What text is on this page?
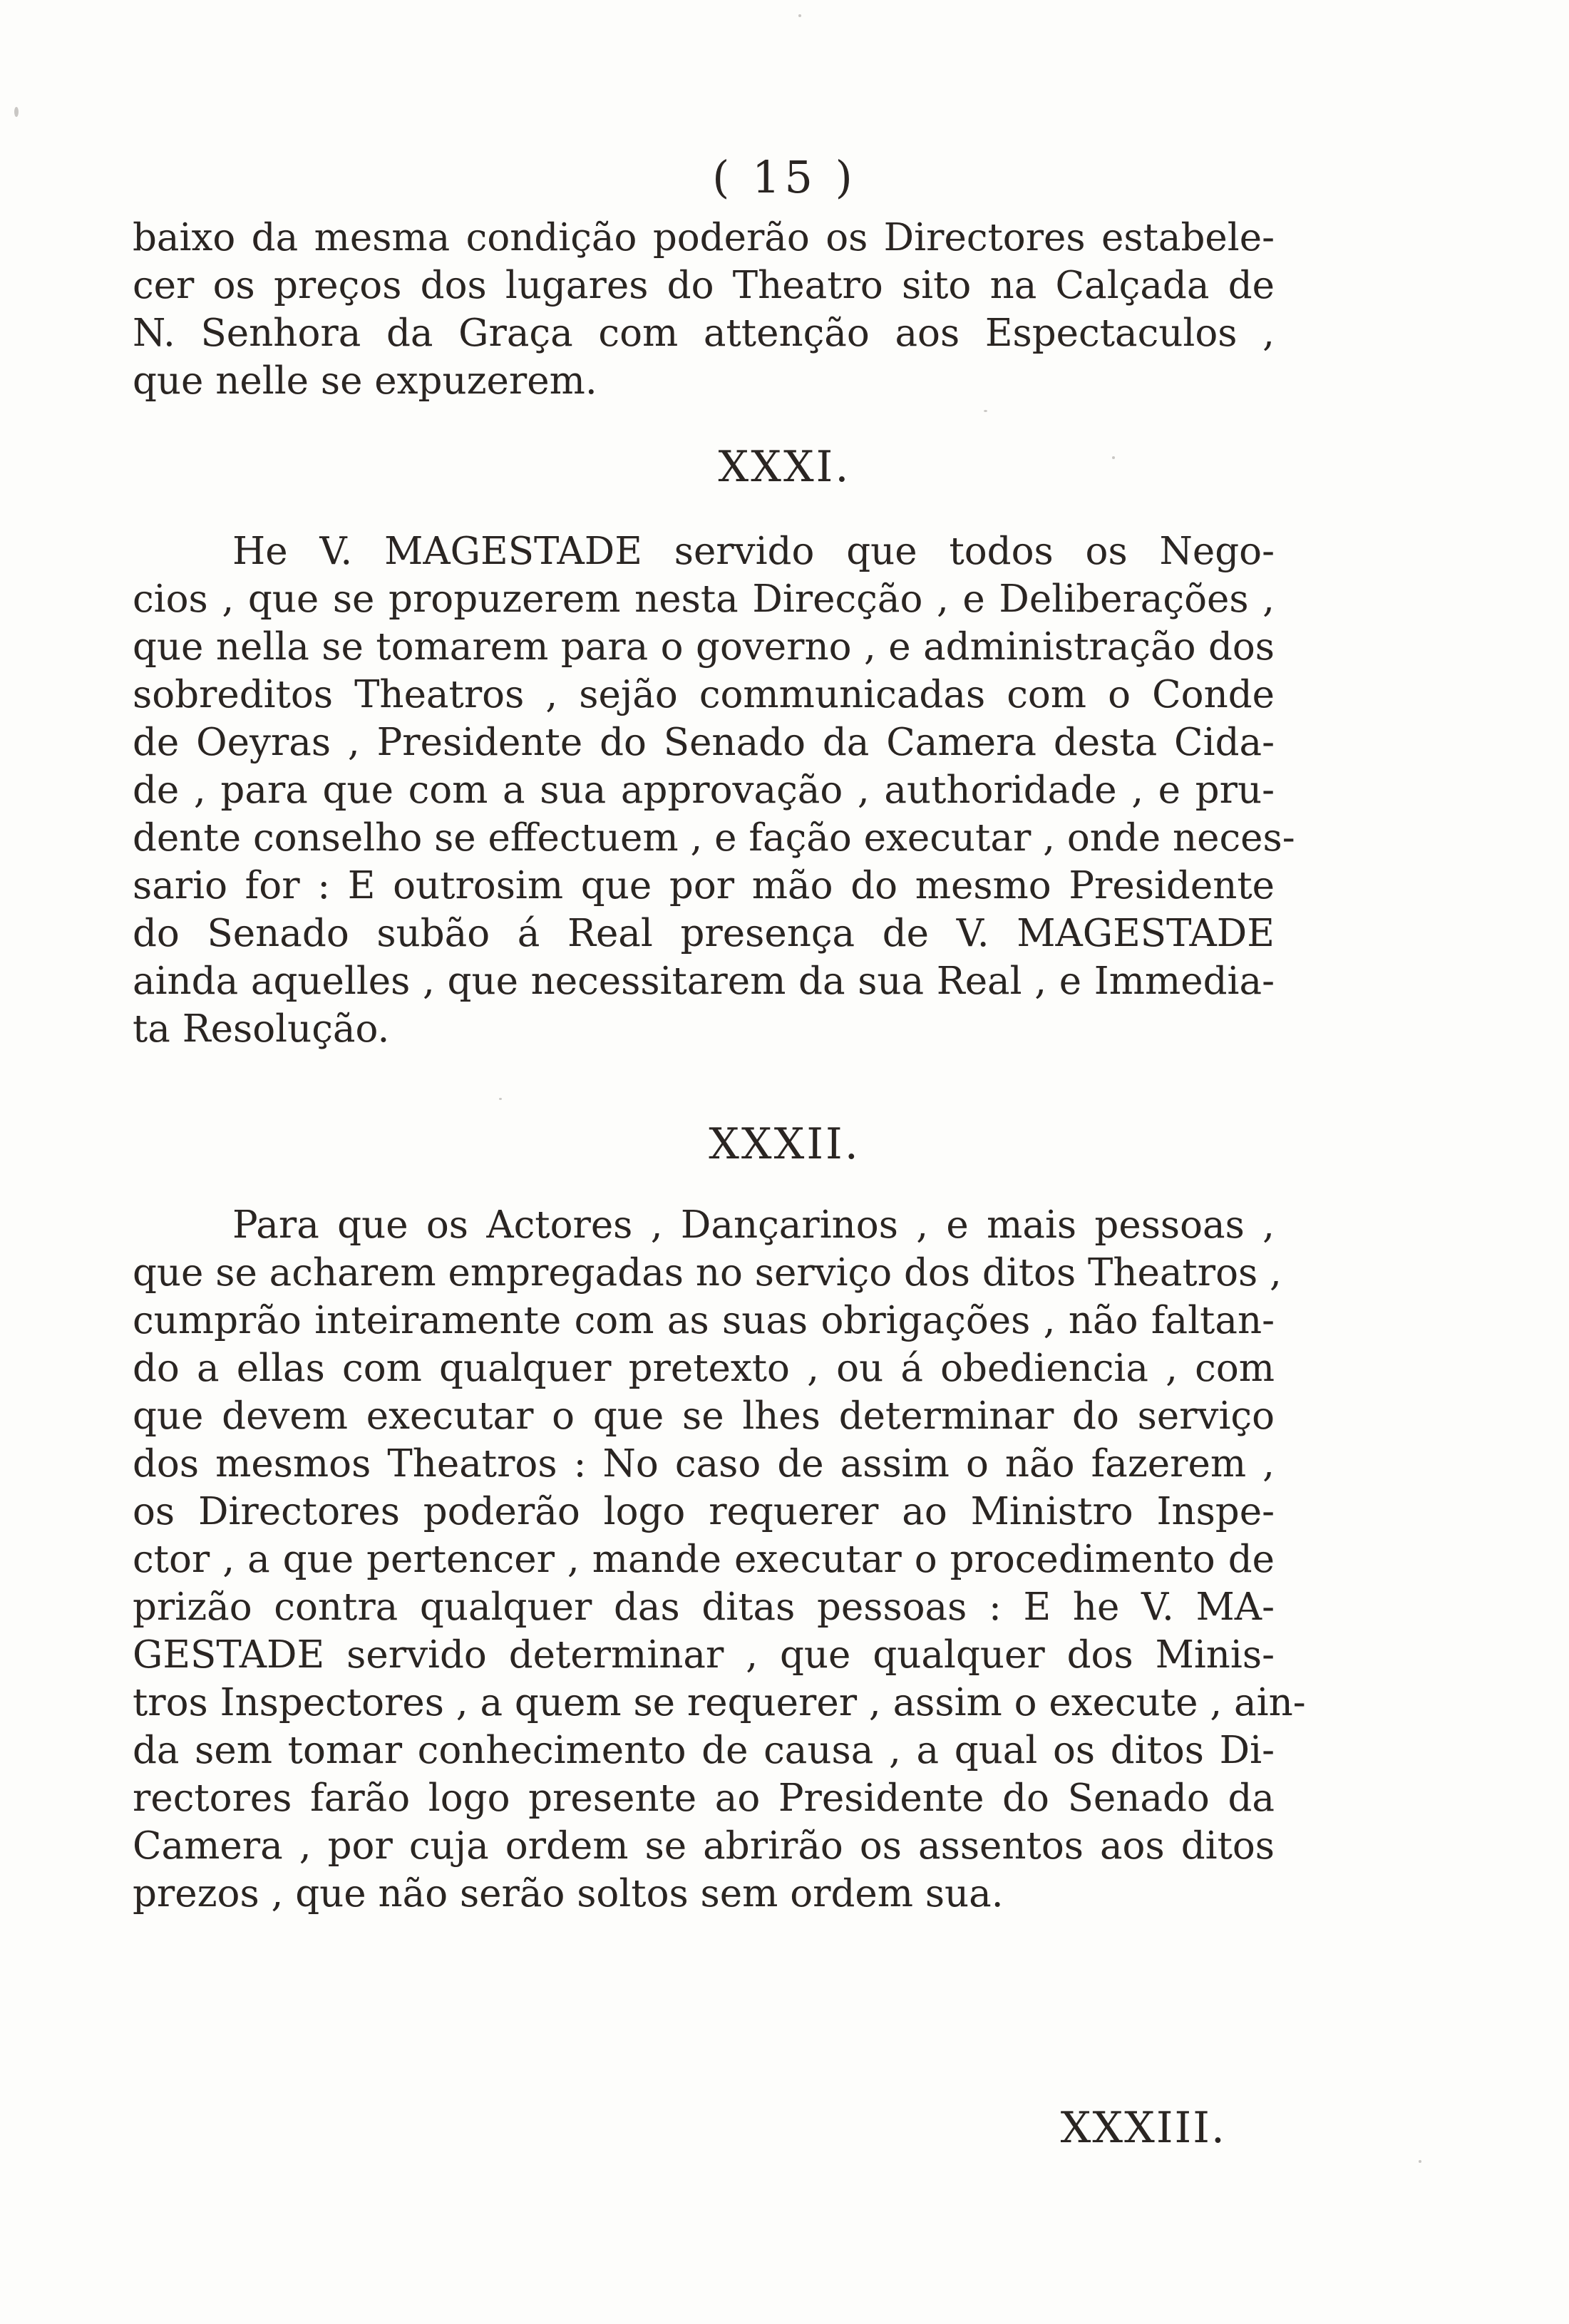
( 15 )
baixo da mesma condição poderão os Directores estabele-
cer os preços dos lugares do Theatro sito na Calçada de
N. Senhora da Graça com attenção aos Espectaculos ,
que nelle se expuzerem.
XXXI.
He V. MAGESTADE servido que todos os Nego-
cios , que se propuzerem nesta Direcção , e Deliberações ,
que nella se tomarem para o governo , e administração dos
sobreditos Theatros , sejão communicadas com o Conde
de Oeyras , Presidente do Senado da Camera desta Cida-
de , para que com a sua approvação , authoridade , e pru-
dente conselho se effectuem , e fação executar , onde neces-
sario for : E outrosim que por mão do mesmo Presidente
do Senado subão á Real presença de V. MAGESTADE
ainda aquelles , que necessitarem da sua Real , e Immedia-
ta Resolução.
XXXII.
Para que os Actores , Dançarinos , e mais pessoas ,
que se acharem empregadas no serviço dos ditos Theatros ,
cumprão inteiramente com as suas obrigações , não faltan-
do a ellas com qualquer pretexto , ou á obediencia , com
que devem executar o que se lhes determinar do serviço
dos mesmos Theatros : No caso de assim o não fazerem ,
os Directores poderão logo requerer ao Ministro Inspe-
ctor , a que pertencer , mande executar o procedimento de
prizão contra qualquer das ditas pessoas : E he V. MA-
GESTADE servido determinar , que qualquer dos Minis-
tros Inspectores , a quem se requerer , assim o execute , ain-
da sem tomar conhecimento de causa , a qual os ditos Di-
rectores farão logo presente ao Presidente do Senado da
Camera , por cuja ordem se abrirão os assentos aos ditos
prezos , que não serão soltos sem ordem sua.
XXXIII.
